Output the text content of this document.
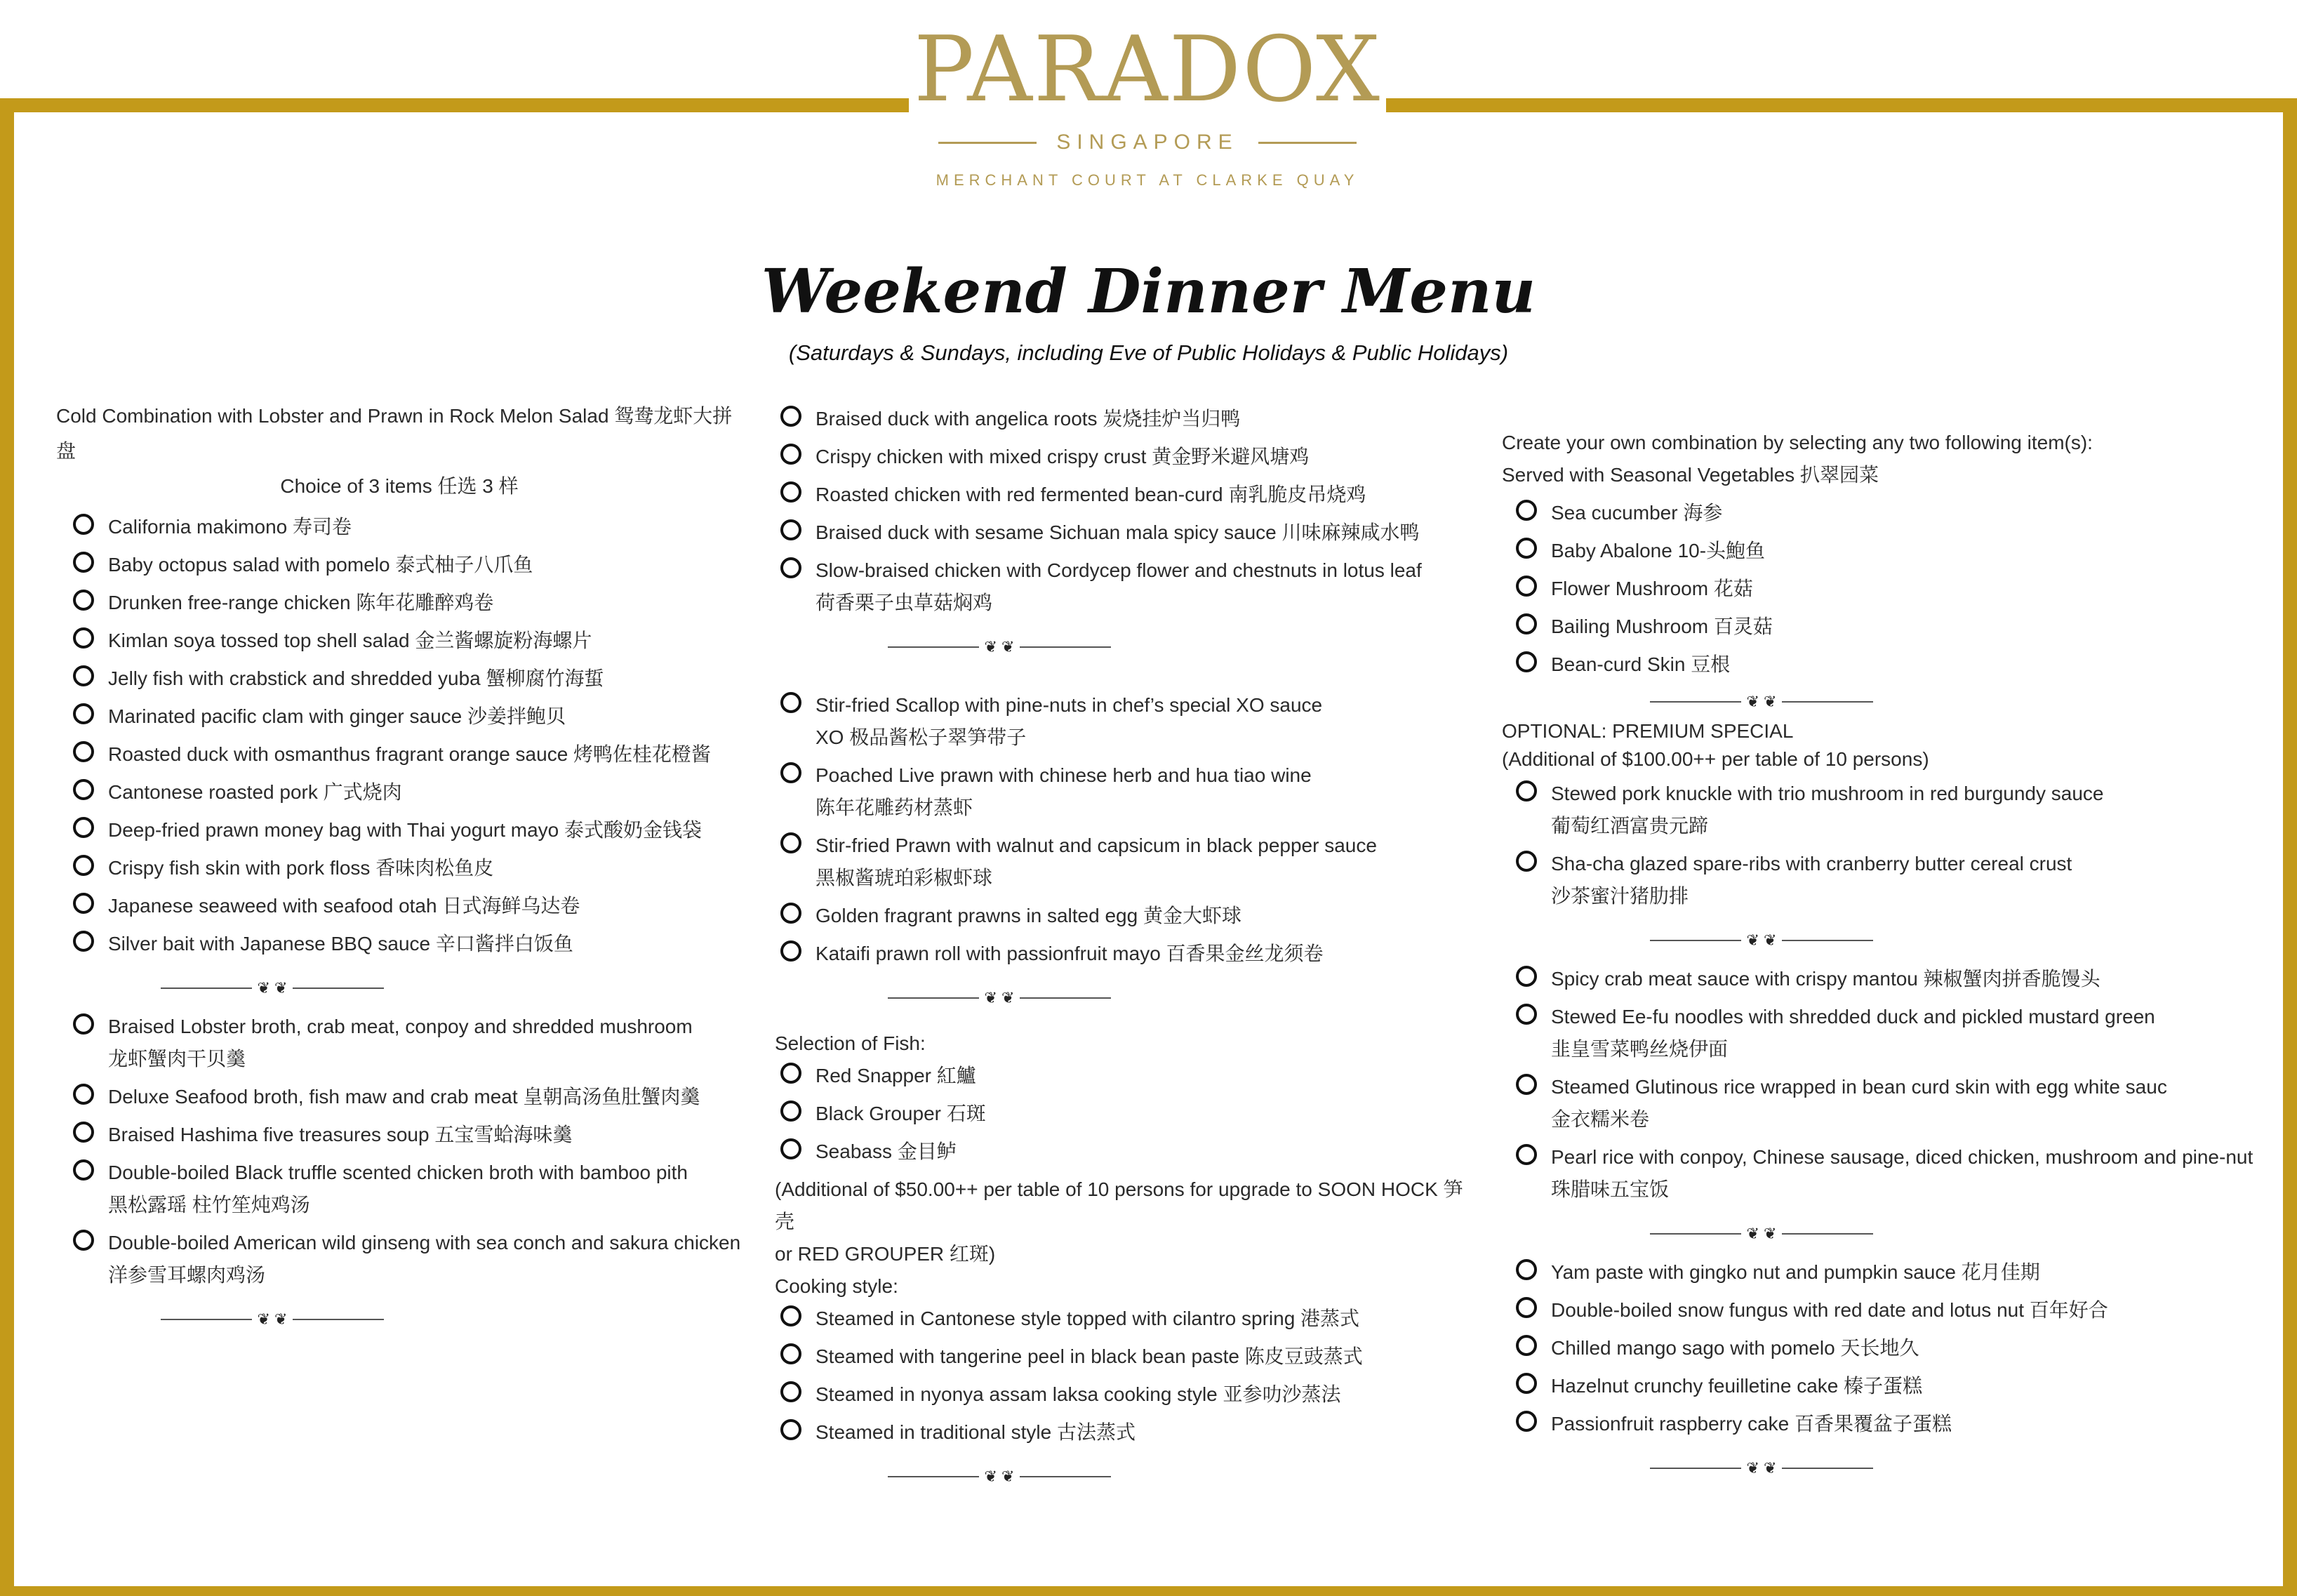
PARADOX
SINGAPORE
MERCHANT COURT AT CLARKE QUAY
Weekend Dinner Menu
(Saturdays & Sundays, including Eve of Public Holidays & Public Holidays)
Cold Combination with Lobster and Prawn in Rock Melon Salad 鸳鸯龙虾大拼盘
Choice of 3 items 任选 3 样
California makimono 寿司卷
Baby octopus salad with pomelo 泰式柚子八爪鱼
Drunken free-range chicken 陈年花雕醉鸡卷
Kimlan soya tossed top shell salad 金兰酱螺旋粉海螺片
Jelly fish with crabstick and shredded yuba 蟹柳腐竹海蜇
Marinated pacific clam with ginger sauce 沙姜拌鲍贝
Roasted duck with osmanthus fragrant orange sauce 烤鸭佐桂花橙酱
Cantonese roasted pork 广式烧肉
Deep-fried prawn money bag with Thai yogurt mayo 泰式酸奶金钱袋
Crispy fish skin with pork floss 香味肉松鱼皮
Japanese seaweed with seafood otah 日式海鲜乌达卷
Silver bait with Japanese BBQ sauce 辛口酱拌白饭鱼
❦ ❦
Braised Lobster broth, crab meat, conpoy and shredded mushroom
龙虾蟹肉干贝羹
Deluxe Seafood broth, fish maw and crab meat 皇朝高汤鱼肚蟹肉羹
Braised Hashima five treasures soup 五宝雪蛤海味羹
Double-boiled Black truffle scented chicken broth with bamboo pith
黑松露瑶 柱竹笙炖鸡汤
Double-boiled American wild ginseng with sea conch and sakura chicken
洋参雪耳螺肉鸡汤
❦ ❦
Braised duck with angelica roots 炭烧挂炉当归鸭
Crispy chicken with mixed crispy crust 黄金野米避风塘鸡
Roasted chicken with red fermented bean-curd 南乳脆皮吊烧鸡
Braised duck with sesame Sichuan mala spicy sauce 川味麻辣咸水鸭
Slow-braised chicken with Cordycep flower and chestnuts in lotus leaf
荷香栗子虫草菇焖鸡
❦ ❦
Stir-fried Scallop with pine-nuts in chef’s special XO sauce
XO 极品酱松子翠笋带子
Poached Live prawn with chinese herb and hua tiao wine
陈年花雕药材蒸虾
Stir-fried Prawn with walnut and capsicum in black pepper sauce
黑椒酱琥珀彩椒虾球
Golden fragrant prawns in salted egg 黄金大虾球
Kataifi prawn roll with passionfruit mayo 百香果金丝龙须卷
❦ ❦
Selection of Fish:
Red Snapper 紅鱸
Black Grouper 石斑
Seabass 金目鲈
(Additional of $50.00++ per table of 10 persons for upgrade to SOON HOCK 笋壳
or RED GROUPER 红斑)
Cooking style:
Steamed in Cantonese style topped with cilantro spring 港蒸式
Steamed with tangerine peel in black bean paste 陈皮豆豉蒸式
Steamed in nyonya assam laksa cooking style 亚参叻沙蒸法
Steamed in traditional style 古法蒸式
❦ ❦
Create your own combination by selecting any two following item(s):
Served with Seasonal Vegetables 扒翠园菜
Sea cucumber 海参
Baby Abalone 10-头鮑鱼
Flower Mushroom 花菇
Bailing Mushroom 百灵菇
Bean-curd Skin 豆根
❦ ❦
OPTIONAL: PREMIUM SPECIAL
(Additional of $100.00++ per table of 10 persons)
Stewed pork knuckle with trio mushroom in red burgundy sauce
葡萄红酒富贵元蹄
Sha-cha glazed spare-ribs with cranberry butter cereal crust
沙茶蜜汁猪肋排
❦ ❦
Spicy crab meat sauce with crispy mantou 辣椒蟹肉拼香脆馒头
Stewed Ee-fu noodles with shredded duck and pickled mustard green
韭皇雪菜鸭丝烧伊面
Steamed Glutinous rice wrapped in bean curd skin with egg white sauc
金衣糯米卷
Pearl rice with conpoy, Chinese sausage, diced chicken, mushroom and pine-nut
珠腊味五宝饭
❦ ❦
Yam paste with gingko nut and pumpkin sauce 花月佳期
Double-boiled snow fungus with red date and lotus nut 百年好合
Chilled mango sago with pomelo 天长地久
Hazelnut crunchy feuilletine cake 榛子蛋糕
Passionfruit raspberry cake 百香果覆盆子蛋糕
❦ ❦
